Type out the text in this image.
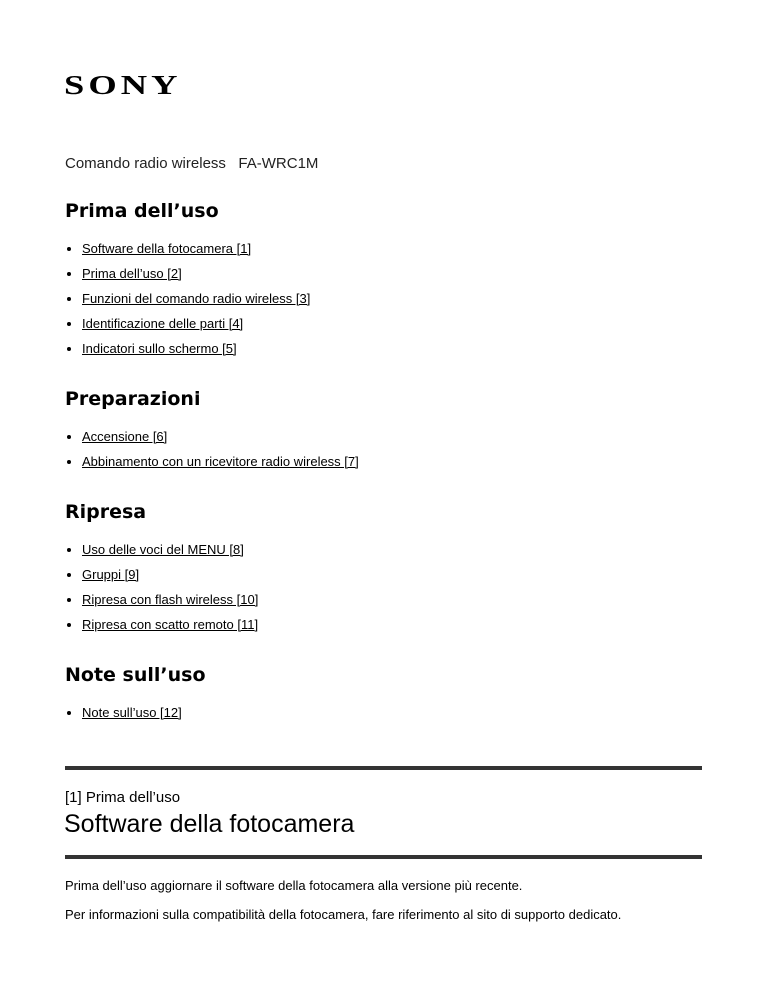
SONY
Comando radio wireless   FA-WRC1M
Prima dell’uso
Software della fotocamera [1]
Prima dell’uso [2]
Funzioni del comando radio wireless [3]
Identificazione delle parti [4]
Indicatori sullo schermo [5]
Preparazioni
Accensione [6]
Abbinamento con un ricevitore radio wireless [7]
Ripresa
Uso delle voci del MENU [8]
Gruppi [9]
Ripresa con flash wireless [10]
Ripresa con scatto remoto [11]
Note sull’uso
Note sull’uso [12]
[1] Prima dell’uso
Software della fotocamera

Prima dell’uso aggiornare il software della fotocamera alla versione più recente.

Per informazioni sulla compatibilità della fotocamera, fare riferimento al sito di supporto dedicato.
